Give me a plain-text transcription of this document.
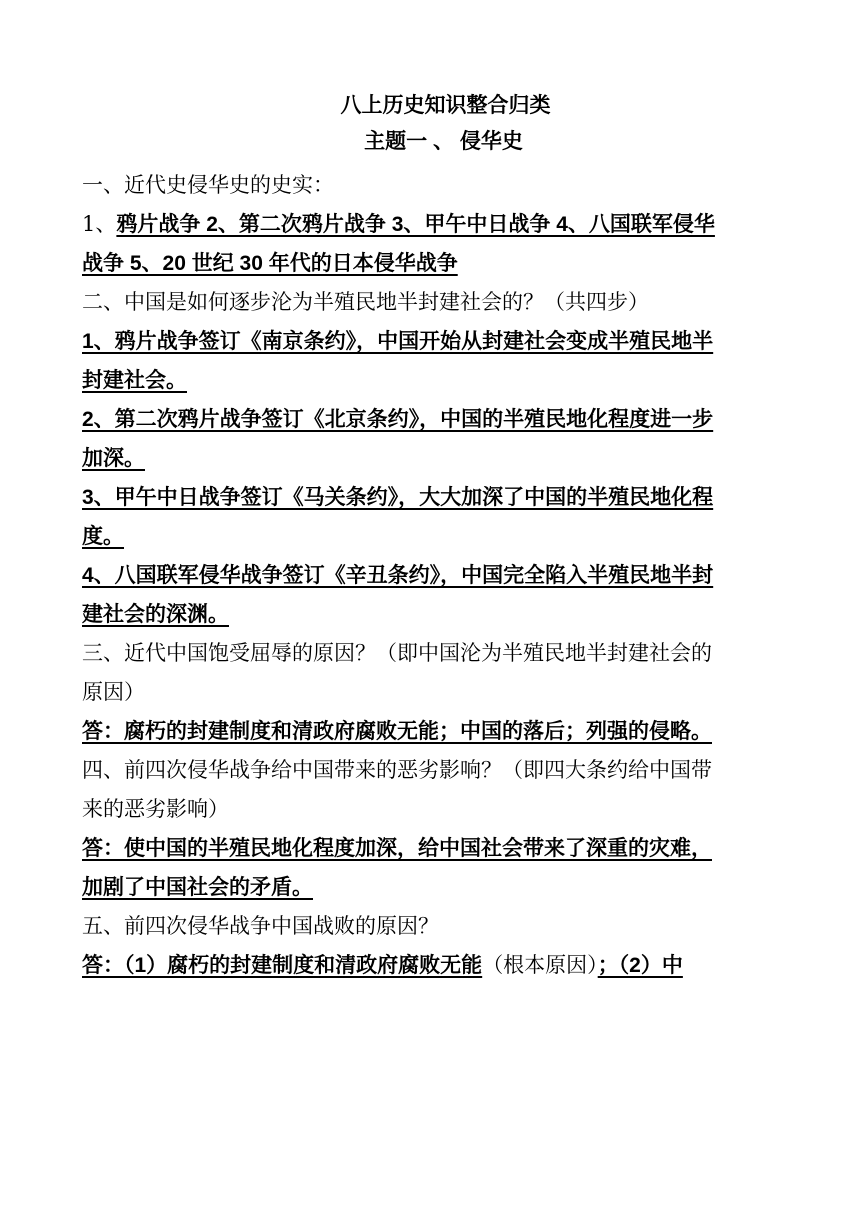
八上历史知识整合归类

主题一 、 侵华史

一、近代史侵华史的史实：

1、鸦片战争 2、第二次鸦片战争 3、甲午中日战争 4、八国联军侵华

战争 5、20 世纪 30 年代的日本侵华战争

二、中国是如何逐步沦为半殖民地半封建社会的？（共四步）

1、鸦片战争签订《南京条约》，中国开始从封建社会变成半殖民地半

封建社会。

2、第二次鸦片战争签订《北京条约》，中国的半殖民地化程度进一步

加深。

3、甲午中日战争签订《马关条约》，大大加深了中国的半殖民地化程

度。

4、八国联军侵华战争签订《辛丑条约》，中国完全陷入半殖民地半封

建社会的深渊。

三、近代中国饱受屈辱的原因？（即中国沦为半殖民地半封建社会的

原因）

答：腐朽的封建制度和清政府腐败无能；中国的落后；列强的侵略。

四、前四次侵华战争给中国带来的恶劣影响？（即四大条约给中国带

来的恶劣影响）

答：使中国的半殖民地化程度加深，给中国社会带来了深重的灾难，

加剧了中国社会的矛盾。

五、前四次侵华战争中国战败的原因？

答：（1）腐朽的封建制度和清政府腐败无能（根本原因）；（2）中
